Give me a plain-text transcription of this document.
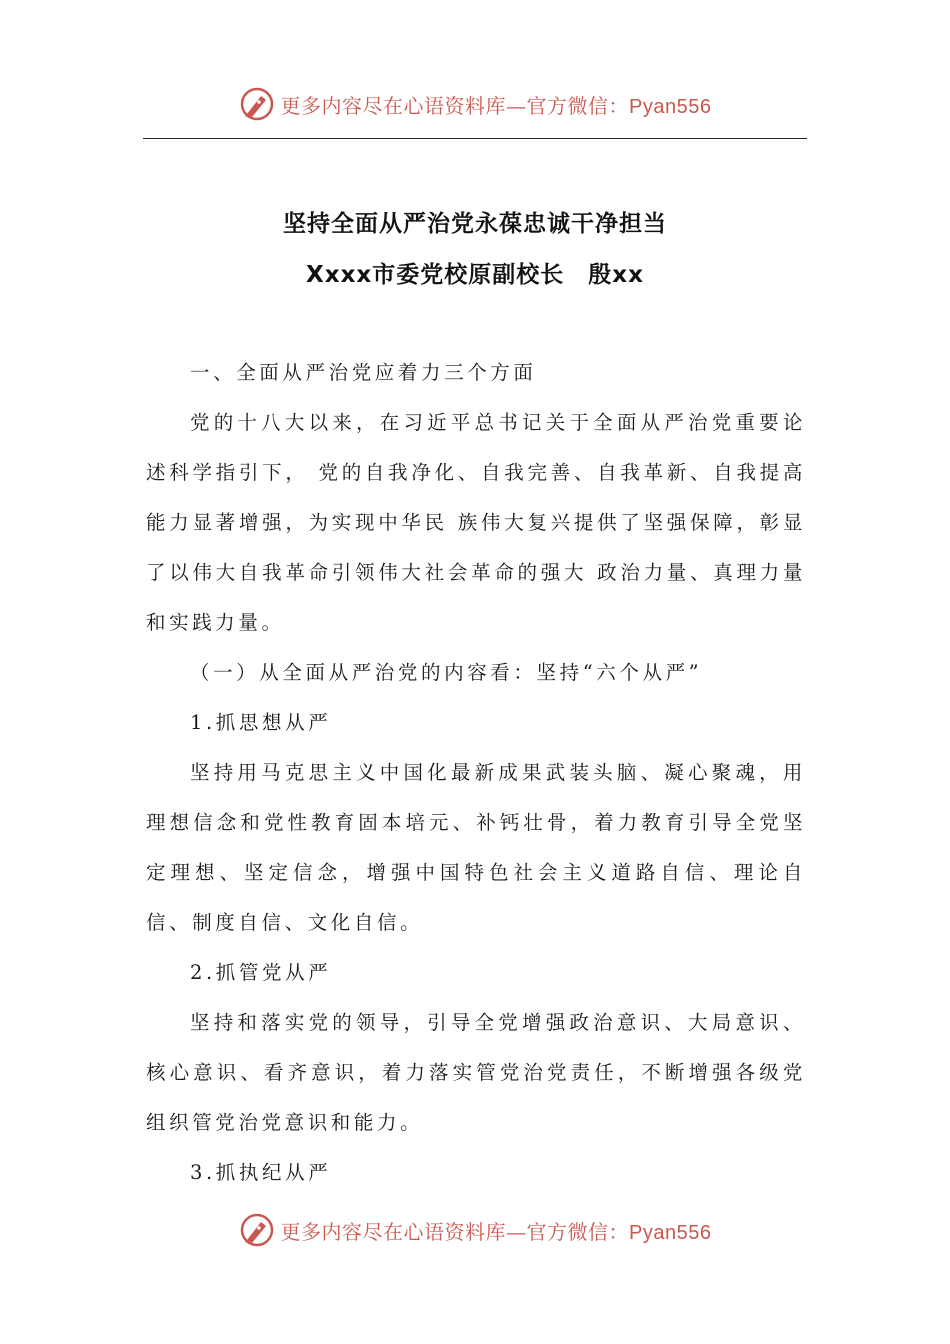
更多内容尽在心语资料库—官方微信：Pyan556
坚持全面从严治党永葆忠诚干净担当
Xxxx市委党校原副校长　殷xx

一、全面从严治党应着力三个方面

党的十八大以来，在习近平总书记关于全面从严治党重要论述科学指引下， 党的自我净化、自我完善、自我革新、自我提高能力显著增强，为实现中华民 族伟大复兴提供了坚强保障，彰显了以伟大自我革命引领伟大社会革命的强大 政治力量、真理力量和实践力量。

（一）从全面从严治党的内容看：坚持“六个从严”

1.抓思想从严

坚持用马克思主义中国化最新成果武装头脑、凝心聚魂，用理想信念和党性教育固本培元、补钙壮骨，着力教育引导全党坚定理想、坚定信念，增强中国特色社会主义道路自信、理论自信、制度自信、文化自信。

2.抓管党从严

坚持和落实党的领导，引导全党增强政治意识、大局意识、核心意识、看齐意识，着力落实管党治党责任，不断增强各级党组织管党治党意识和能力。

3.抓执纪从严

更多内容尽在心语资料库—官方微信：Pyan556
